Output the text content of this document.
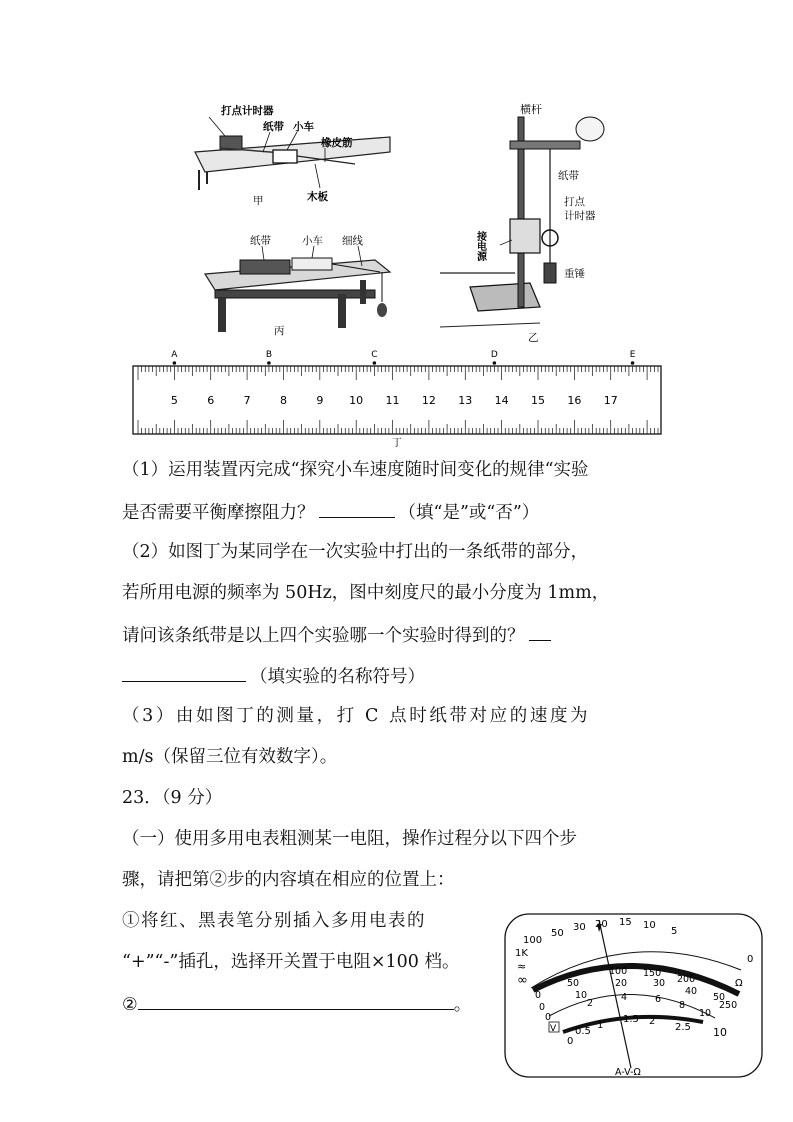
打点计时器
纸带 小车
橡皮筋
木板
甲
纸带	小车 细线
丙
横杆
纸带
打点
计时器
接电源
重锤
乙
5	6	7	8	9 10 11 12 13 14 15 16 17
A	B	C	D	E
丁
（1）运用装置丙完成“探究小车速度随时间变化的规律“实验
是否需要平衡摩擦阻力？	（填“是”或“否”）
（2）如图丁为某同学在一次实验中打出的一条纸带的部分，
若所用电源的频率为 50Hz，图中刻度尺的最小分度为 1mm，
请问该条纸带是以上四个实验哪一个实验时得到的？
（填实验的名称符号）
（3）由如图丁的测量，打 C 点时纸带对应的速度为
m/s（保留三位有效数字）。
23．（9 分）
（一）使用多用电表粗测某一电阻，操作过程分以下四个步
骤，请把第②步的内容填在相应的位置上：
①将红、黑表笔分别插入多用电表的
“+”“-”插孔，选择开关置于电阻×100 档。
②	。
1K
100
50
30 20 15 10
5
0
Ω
∞
≈
0
50
100 150
200
250
0
10
20	30
40
50
0
2
4	6
8
10
V
0
0.5
1
1.5 2
2.5 10
A-V-Ω
